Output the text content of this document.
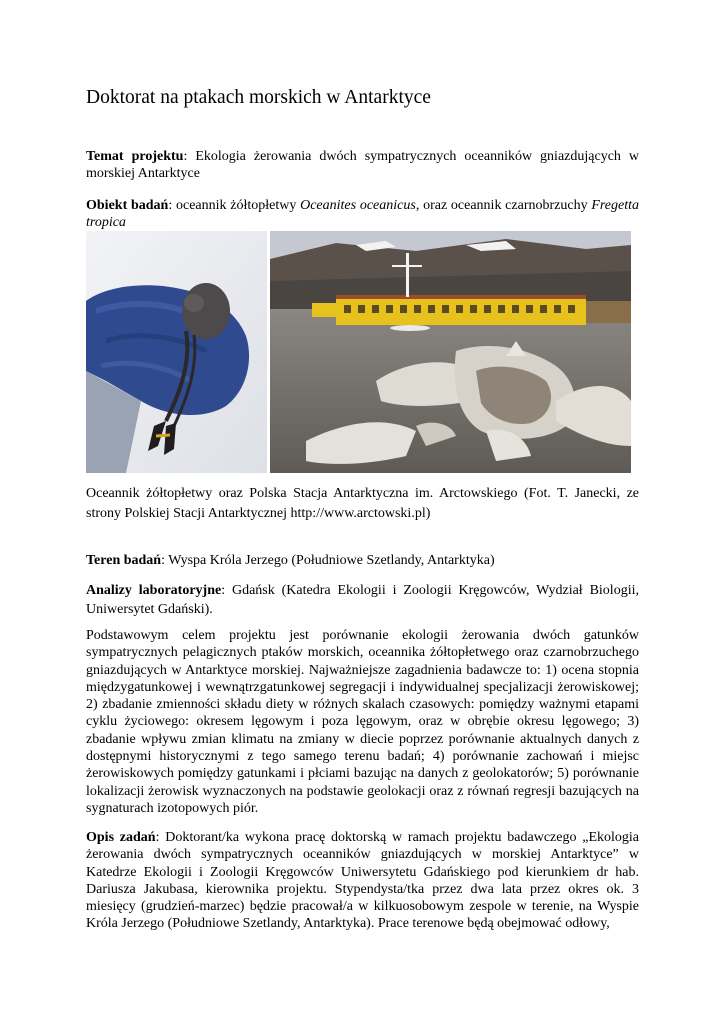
Doktorat na ptakach morskich w Antarktyce

Temat projektu: Ekologia żerowania dwóch sympatrycznych oceanników gniazdujących w morskiej Antarktyce

Obiekt badań: oceannik żółtopłetwy Oceanites oceanicus, oraz oceannik czarnobrzuchy Fregetta tropica

Oceannik żółtopłetwy oraz Polska Stacja Antarktyczna im. Arctowskiego (Fot. T. Janecki, ze strony Polskiej Stacji Antarktycznej http://www.arctowski.pl)

Teren badań: Wyspa Króla Jerzego (Południowe Szetlandy, Antarktyka)

Analizy laboratoryjne: Gdańsk (Katedra Ekologii i Zoologii Kręgowców, Wydział Biologii, Uniwersytet Gdański).

Podstawowym celem projektu jest porównanie ekologii żerowania dwóch gatunków sympatrycznych pelagicznych ptaków morskich, oceannika żółtopłetwego oraz czarnobrzuchego gniazdujących w Antarktyce morskiej. Najważniejsze zagadnienia badawcze to: 1) ocena stopnia międzygatunkowej i wewnątrzgatunkowej segregacji i indywidualnej specjalizacji żerowiskowej; 2) zbadanie zmienności składu diety w różnych skalach czasowych: pomiędzy ważnymi etapami cyklu życiowego: okresem lęgowym i poza lęgowym, oraz w obrębie okresu lęgowego; 3) zbadanie wpływu zmian klimatu na zmiany w diecie poprzez porównanie aktualnych danych z dostępnymi historycznymi z tego samego terenu badań; 4) porównanie zachowań i miejsc żerowiskowych pomiędzy gatunkami i płciami bazując na danych z geolokatorów; 5) porównanie lokalizacji żerowisk wyznaczonych na podstawie geolokacji oraz z równań regresji bazujących na sygnaturach izotopowych piór.

Opis zadań: Doktorant/ka wykona pracę doktorską w ramach projektu badawczego „Ekologia żerowania dwóch sympatrycznych oceanników gniazdujących w morskiej Antarktyce” w Katedrze Ekologii i Zoologii Kręgowców Uniwersytetu Gdańskiego pod kierunkiem dr hab. Dariusza Jakubasa, kierownika projektu. Stypendysta/tka przez dwa lata przez okres ok. 3 miesięcy (grudzień-marzec) będzie pracował/a w kilkuosobowym zespole w terenie, na Wyspie Króla Jerzego (Południowe Szetlandy, Antarktyka). Prace terenowe będą obejmować odłowy,
